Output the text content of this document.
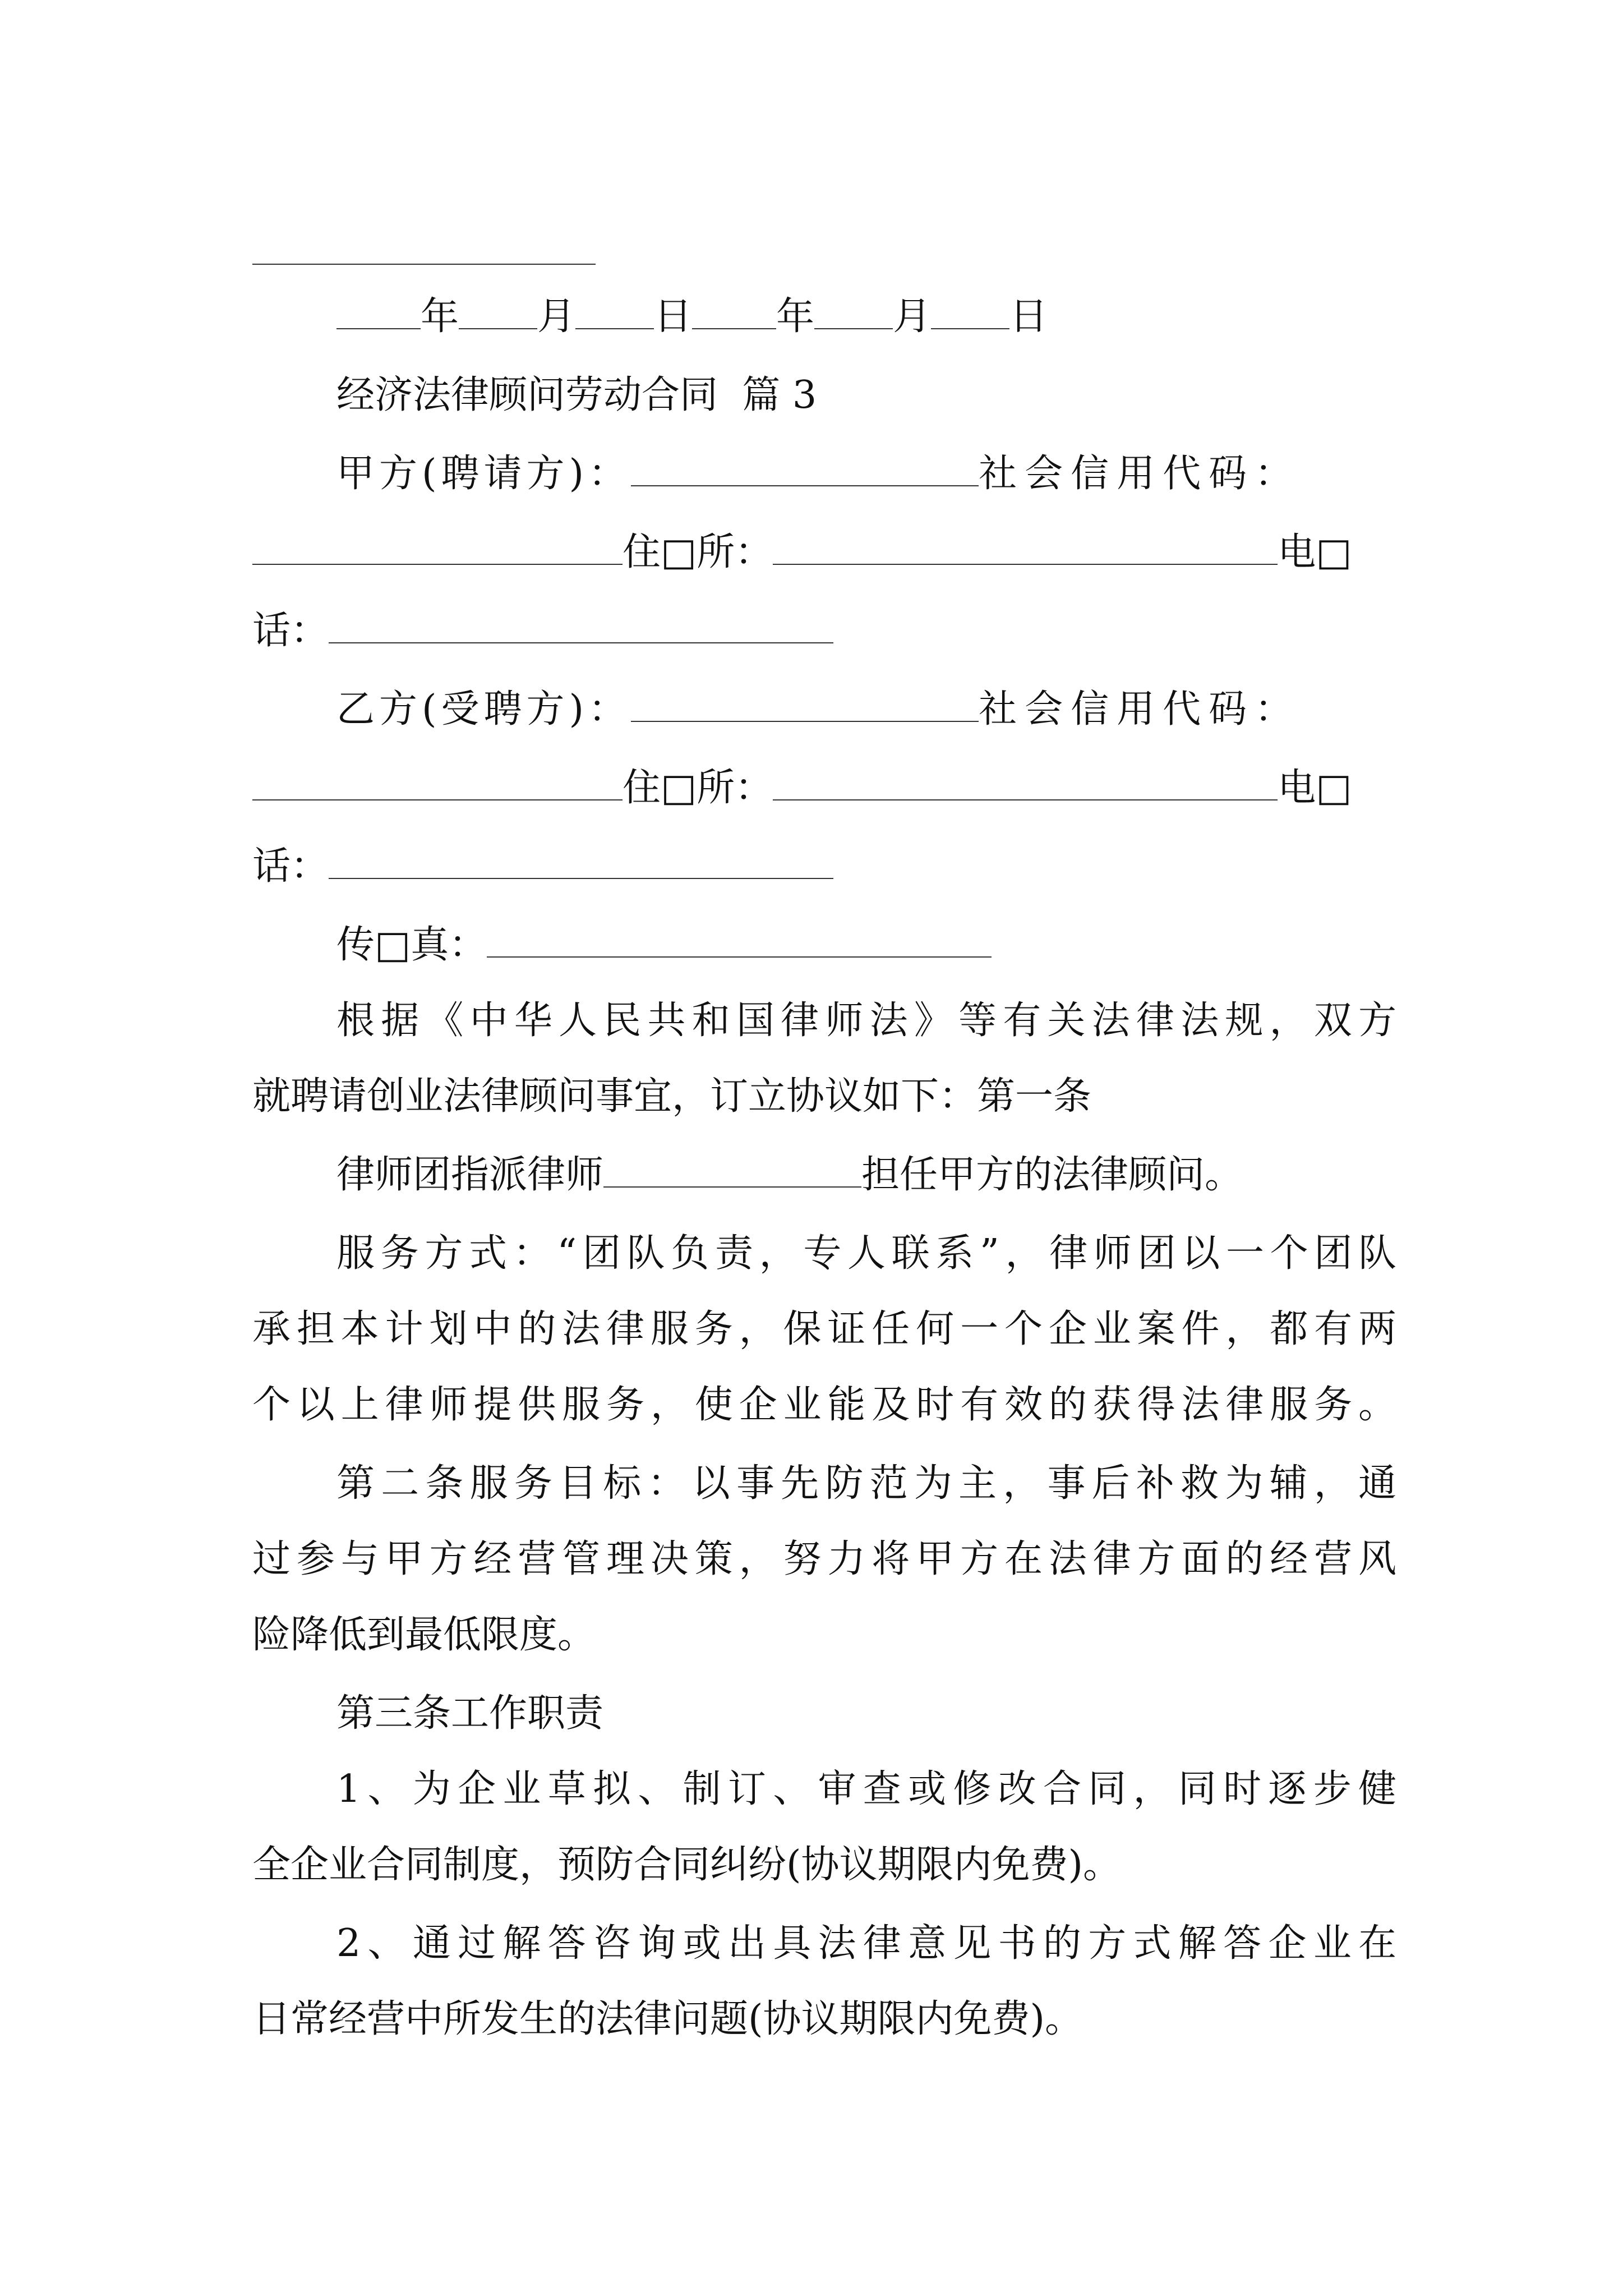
年 月 日 年 月 日
经济法律顾问劳动合同  篇 3
甲方(聘请方)：	社会信用代码：
住□所：	电□
话：
乙方(受聘方)：	社会信用代码：
住□所：	电□
话：
传□真：
根据《中华人民共和国律师法》等有关法律法规，双方
就聘请创业法律顾问事宜，订立协议如下：第一条
律师团指派律师	担任甲方的法律顾问。
服务方式：“团队负责，专人联系”，律师团以一个团队
承担本计划中的法律服务，保证任何一个企业案件，都有两
个以上律师提供服务，使企业能及时有效的获得法律服务。
第二条服务目标：以事先防范为主，事后补救为辅，通
过参与甲方经营管理决策，努力将甲方在法律方面的经营风
险降低到最低限度。
第三条工作职责
1、为企业草拟、制订、审查或修改合同，同时逐步健
全企业合同制度，预防合同纠纷(协议期限内免费)。
2、通过解答咨询或出具法律意见书的方式解答企业在
日常经营中所发生的法律问题(协议期限内免费)。
